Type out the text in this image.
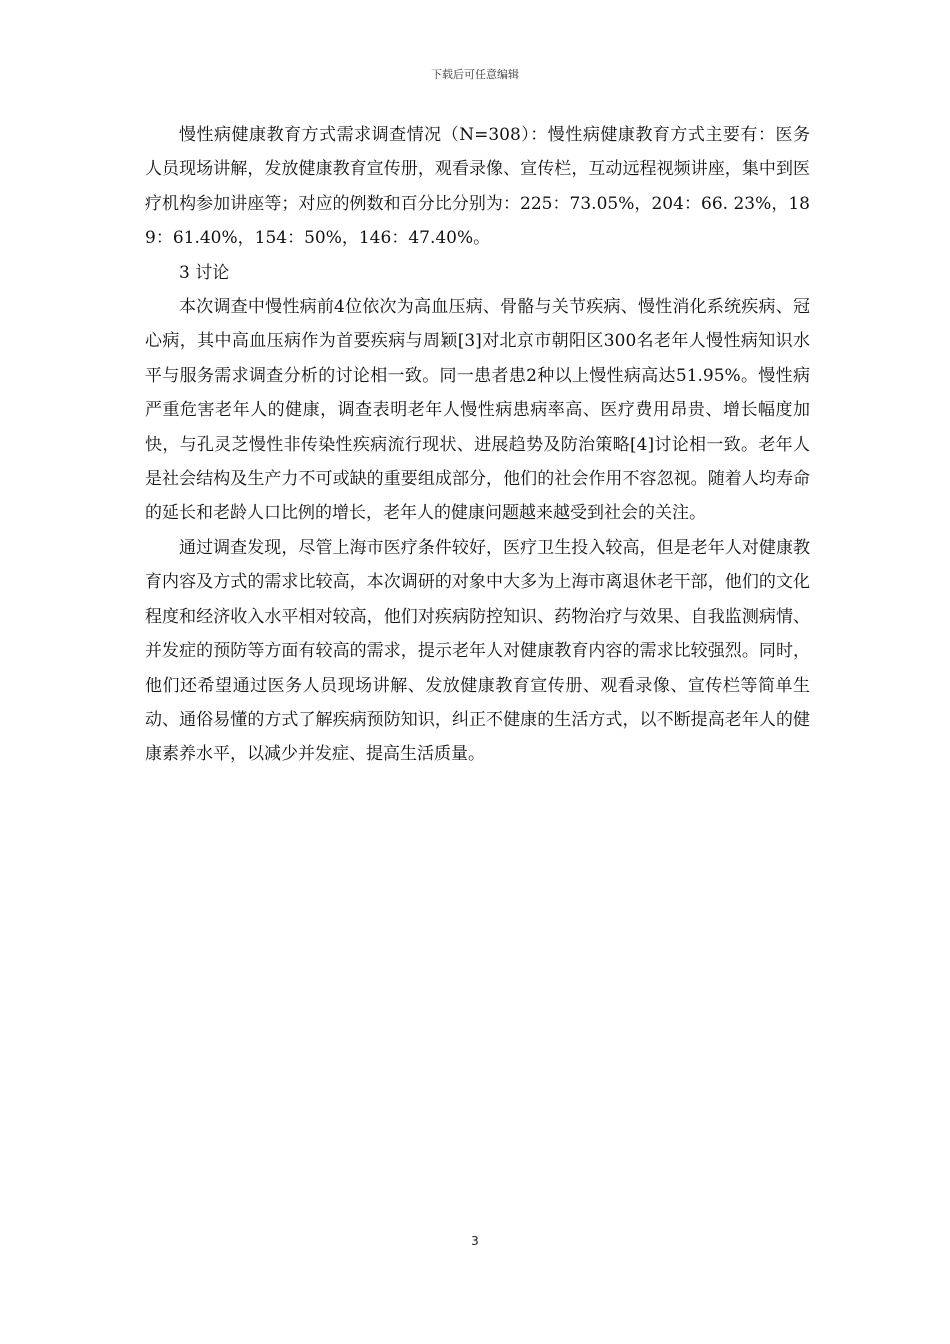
下载后可任意编辑

慢性病健康教育方式需求调查情况（N=308）：慢性病健康教育方式主要有：医务人员现场讲解，发放健康教育宣传册，观看录像、宣传栏，互动远程视频讲座，集中到医疗机构参加讲座等；对应的例数和百分比分别为：225：73.05%，204：66. 23%，189：61.40%，154：50%，146：47.40%。

3 讨论

本次调查中慢性病前4位依次为高血压病、骨骼与关节疾病、慢性消化系统疾病、冠心病，其中高血压病作为首要疾病与周颖[3]对北京市朝阳区300名老年人慢性病知识水平与服务需求调查分析的讨论相一致。同一患者患2种以上慢性病高达51.95%。慢性病严重危害老年人的健康，调查表明老年人慢性病患病率高、医疗费用昂贵、增长幅度加快，与孔灵芝慢性非传染性疾病流行现状、进展趋势及防治策略[4]讨论相一致。老年人是社会结构及生产力不可或缺的重要组成部分，他们的社会作用不容忽视。随着人均寿命的延长和老龄人口比例的增长，老年人的健康问题越来越受到社会的关注。

通过调查发现，尽管上海市医疗条件较好，医疗卫生投入较高，但是老年人对健康教育内容及方式的需求比较高，本次调研的对象中大多为上海市离退休老干部，他们的文化程度和经济收入水平相对较高，他们对疾病防控知识、药物治疗与效果、自我监测病情、并发症的预防等方面有较高的需求，提示老年人对健康教育内容的需求比较强烈。同时，他们还希望通过医务人员现场讲解、发放健康教育宣传册、观看录像、宣传栏等简单生动、通俗易懂的方式了解疾病预防知识，纠正不健康的生活方式，以不断提高老年人的健康素养水平，以减少并发症、提高生活质量。

3
